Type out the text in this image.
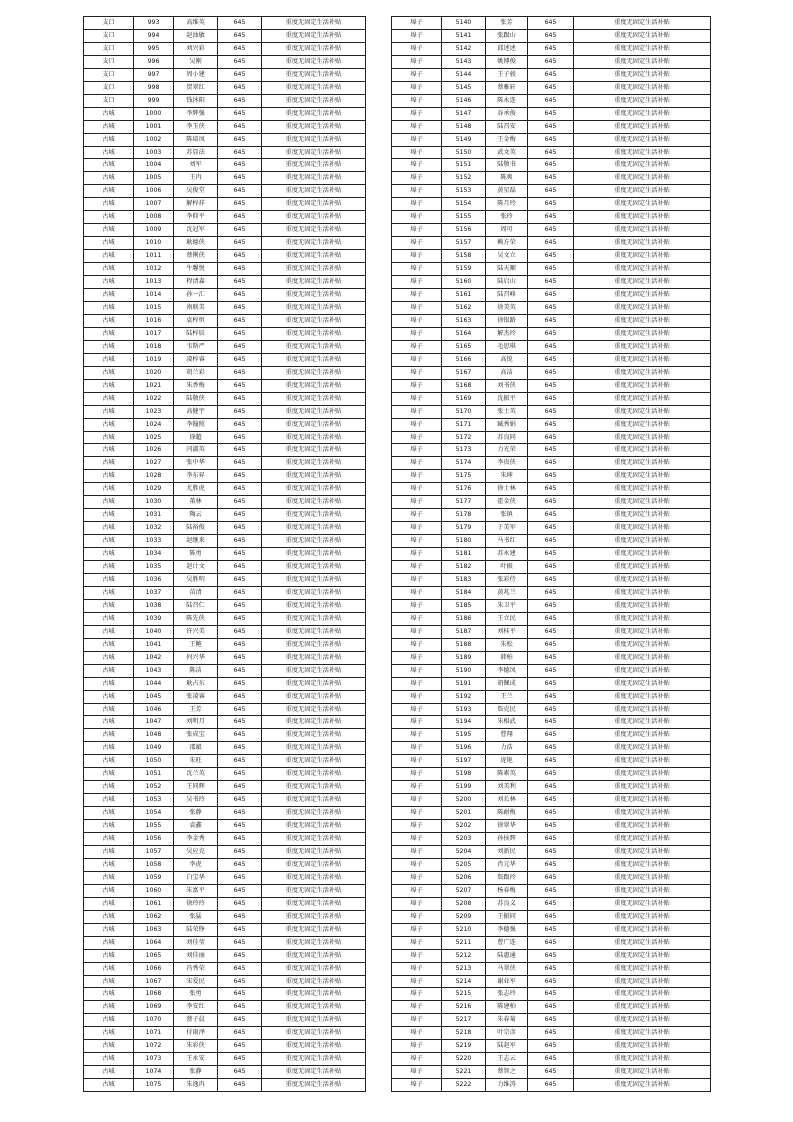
支口	993	高维英	645	重度无固定生活补贴
支口	994	赵浊敏	645	重度无固定生活补贴
支口	995	刘兴彩	645	重度无固定生活补贴
支口	996	吴刚	645	重度无固定生活补贴
支口	997	周小建	645	重度无固定生活补贴
支口	998	贺翠红	645	重度无固定生活补贴
支口	999	钱沐阳	645	重度无固定生活补贴
古城	1000	李辉强	645	重度无固定生活补贴
古城	1001	李玉侠	645	重度无固定生活补贴
古城	1002	陈培凤	645	重度无固定生活补贴
古城	1003	苏显法	645	重度无固定生活补贴
古城	1004	刘军	645	重度无固定生活补贴
古城	1005	王冉	645	重度无固定生活补贴
古城	1006	吴俊堂	645	重度无固定生活补贴
古城	1007	解梓祥	645	重度无固定生活补贴
古城	1008	李仰平	645	重度无固定生活补贴
古城	1009	沈冠军	645	重度无固定生活补贴
古城	1010	耿德侠	645	重度无固定生活补贴
古城	1011	蔡俐侠	645	重度无固定生活补贴
古城	1012	牛馨悦	645	重度无固定生活补贴
古城	1013	程清森	645	重度无固定生活补贴
古城	1014	孙一汇	645	重度无固定生活补贴
古城	1015	南联美	645	重度无固定生活补贴
古城	1016	袁梓恒	645	重度无固定生活补贴
古城	1017	陆梓辰	645	重度无固定生活补贴
古城	1018	韦斯严	645	重度无固定生活补贴
古城	1019	凌梓睿	645	重度无固定生活补贴
古城	1020	胡兰彩	645	重度无固定生活补贴
古城	1021	朱香梅	645	重度无固定生活补贴
古城	1022	陆敬侠	645	重度无固定生活补贴
古城	1023	高健宇	645	重度无固定生活补贴
古城	1024	李翰照	645	重度无固定生活补贴
古城	1025	徐超	645	重度无固定生活补贴
古城	1026	闫淑英	645	重度无固定生活补贴
古城	1027	张中华	645	重度无固定生活补贴
古城	1028	李东昇	645	重度无固定生活补贴
古城	1029	尤胜虎	645	重度无固定生活补贴
古城	1030	董林	645	重度无固定生活补贴
古城	1031	陶云	645	重度无固定生活补贴
古城	1032	陆裕俊	645	重度无固定生活补贴
古城	1033	赵继来	645	重度无固定生活补贴
古城	1034	陈勇	645	重度无固定生活补贴
古城	1035	赵计文	645	重度无固定生活补贴
古城	1036	吴胜明	645	重度无固定生活补贴
古城	1037	苗清	645	重度无固定生活补贴
古城	1038	陆召仁	645	重度无固定生活补贴
古城	1039	陈先侠	645	重度无固定生活补贴
古城	1040	许兴美	645	重度无固定生活补贴
古城	1041	王鲍	645	重度无固定生活补贴
古城	1042	何兴华	645	重度无固定生活补贴
古城	1043	陈洁	645	重度无固定生活补贴
古城	1044	耿占东	645	重度无固定生活补贴
古城	1045	张凌睿	645	重度无固定生活补贴
古城	1046	王芳	645	重度无固定生活补贴
古城	1047	刘明月	645	重度无固定生活补贴
古城	1048	张成宝	645	重度无固定生活补贴
古城	1049	邵斌	645	重度无固定生活补贴
古城	1050	朱旺	645	重度无固定生活补贴
古城	1051	沈兰英	645	重度无固定生活补贴
古城	1052	王同辉	645	重度无固定生活补贴
古城	1053	吴书玲	645	重度无固定生活补贴
古城	1054	张静	645	重度无固定生活补贴
古城	1055	袁鑫	645	重度无固定生活补贴
古城	1056	李金秀	645	重度无固定生活补贴
古城	1057	吴应克	645	重度无固定生活补贴
古城	1058	李虎	645	重度无固定生活补贴
古城	1059	白宝华	645	重度无固定生活补贴
古城	1060	朱富平	645	重度无固定生活补贴
古城	1061	徐玲玲	645	重度无固定生活补贴
古城	1062	张猛	645	重度无固定生活补贴
古城	1063	陆荣铮	645	重度无固定生活补贴
古城	1064	刘佳莹	645	重度无固定生活补贴
古城	1065	刘佳丽	645	重度无固定生活补贴
古城	1066	冯秀荣	645	重度无固定生活补贴
古城	1067	宋爱民	645	重度无固定生活补贴
古城	1068	张勇	645	重度无固定生活补贴
古城	1069	李安红	645	重度无固定生活补贴
古城	1070	蔡子晨	645	重度无固定生活补贴
古城	1071	付雨泽	645	重度无固定生活补贴
古城	1072	朱彩侠	645	重度无固定生活补贴
古城	1073	王永安	645	重度无固定生活补贴
古城	1074	张静	645	重度无固定生活补贴
古城	1075	朱逸冉	645	重度无固定生活补贴
埠子	5140	张芳	645	重度无固定生活补贴
埠子	5141	张跟山	645	重度无固定生活补贴
埠子	5142	邱述述	645	重度无固定生活补贴
埠子	5143	姚博俊	645	重度无固定生活补贴
埠子	5144	王子骏	645	重度无固定生活补贴
埠子	5145	蔡雅轩	645	重度无固定生活补贴
埠子	5146	陈永连	645	重度无固定生活补贴
埠子	5147	谷承俊	645	重度无固定生活补贴
埠子	5148	陆召安	645	重度无固定生活补贴
埠子	5149	王金梅	645	重度无固定生活补贴
埠子	5150	武文英	645	重度无固定生活补贴
埠子	5151	陆敬书	645	重度无固定生活补贴
埠子	5152	陈爽	645	重度无固定生活补贴
埠子	5153	黄星磊	645	重度无固定生活补贴
埠子	5154	陈月玲	645	重度无固定生活补贴
埠子	5155	张玲	645	重度无固定生活补贴
埠子	5156	周可	645	重度无固定生活补贴
埠子	5157	赖方荣	645	重度无固定生活补贴
埠子	5158	吴文立	645	重度无固定生活补贴
埠子	5159	陆天顺	645	重度无固定生活补贴
埠子	5160	陆启山	645	重度无固定生活补贴
埠子	5161	陆召峰	645	重度无固定生活补贴
埠子	5162	徐美英	645	重度无固定生活补贴
埠子	5163	徐银路	645	重度无固定生活补贴
埠子	5164	解杰玲	645	重度无固定生活补贴
埠子	5165	毛思琪	645	重度无固定生活补贴
埠子	5166	高锐	645	重度无固定生活补贴
埠子	5167	高洁	645	重度无固定生活补贴
埠子	5168	刘书侠	645	重度无固定生活补贴
埠子	5169	沈振平	645	重度无固定生活补贴
埠子	5170	张士英	645	重度无固定生活补贴
埠子	5171	臧秀娟	645	重度无固定生活补贴
埠子	5172	苏良同	645	重度无固定生活补贴
埠子	5173	力光荣	645	重度无固定生活补贴
埠子	5174	李贵侠	645	重度无固定生活补贴
埠子	5175	朱坤	645	重度无固定生活补贴
埠子	5176	徐士林	645	重度无固定生活补贴
埠子	5177	霍金侠	645	重度无固定生活补贴
埠子	5178	张镇	645	重度无固定生活补贴
埠子	5179	于美军	645	重度无固定生活补贴
埠子	5180	马书红	645	重度无固定生活补贴
埠子	5181	苏永建	645	重度无固定生活补贴
埠子	5182	叶振	645	重度无固定生活补贴
埠子	5183	张彩侍	645	重度无固定生活补贴
埠子	5184	黄兆兰	645	重度无固定生活补贴
埠子	5185	朱卫平	645	重度无固定生活补贴
埠子	5186	王立民	645	重度无固定生活补贴
埠子	5187	刘桂平	645	重度无固定生活补贴
埠子	5188	朱松	645	重度无固定生活补贴
埠子	5189	韩柏	645	重度无固定生活补贴
埠子	5190	李德凤	645	重度无固定生活补贴
埠子	5191	胡佩成	645	重度无固定生活补贴
埠子	5192	王兰	645	重度无固定生活补贴
埠子	5193	詹克民	645	重度无固定生活补贴
埠子	5194	朱相武	645	重度无固定生活补贴
埠子	5195	曹翔	645	重度无固定生活补贴
埠子	5196	力浩	645	重度无固定生活补贴
埠子	5197	庞艳	645	重度无固定生活补贴
埠子	5198	陈素英	645	重度无固定生活补贴
埠子	5199	刘美利	645	重度无固定生活补贴
埠子	5200	刘长林	645	重度无固定生活补贴
埠子	5201	陈耐梅	645	重度无固定生活补贴
埠子	5202	徐翠华	645	重度无固定生活补贴
埠子	5203	孙侯辉	645	重度无固定生活补贴
埠子	5204	刘新民	645	重度无固定生活补贴
埠子	5205	肖元华	645	重度无固定生活补贴
埠子	5206	詹跟玲	645	重度无固定生活补贴
埠子	5207	杨春梅	645	重度无固定生活补贴
埠子	5208	苏良义	645	重度无固定生活补贴
埠子	5209	王振同	645	重度无固定生活补贴
埠子	5210	李德强	645	重度无固定生活补贴
埠子	5211	曹广连	645	重度无固定生活补贴
埠子	5212	陆惠通	645	重度无固定生活补贴
埠子	5213	马翠侠	645	重度无固定生活补贴
埠子	5214	谢业军	645	重度无固定生活补贴
埠子	5215	张志玲	645	重度无固定生活补贴
埠子	5216	陈建柏	645	重度无固定生活补贴
埠子	5217	朱春菊	645	重度无固定生活补贴
埠子	5218	叶宗彦	645	重度无固定生活补贴
埠子	5219	陆赵军	645	重度无固定生活补贴
埠子	5220	王志云	645	重度无固定生活补贴
埠子	5221	蔡智之	645	重度无固定生活补贴
埠子	5222	力维涛	645	重度无固定生活补贴
